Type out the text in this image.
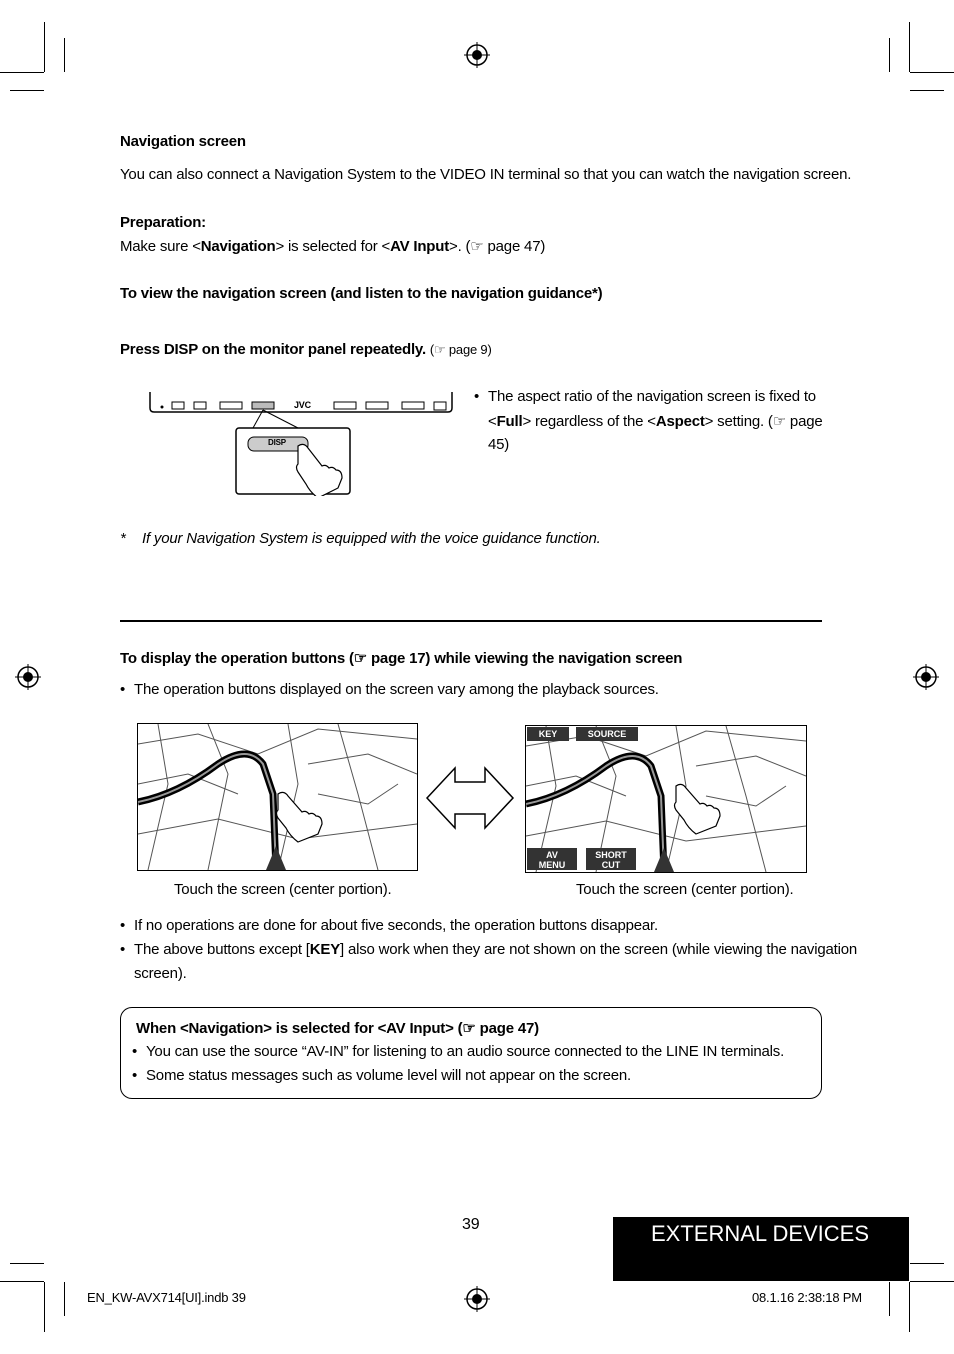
Navigation screen
You can also connect a Navigation System to the VIDEO IN terminal so that you can watch the navigation screen.
Preparation:
Make sure <Navigation> is selected for <AV Input>. (☞ page 47)
To view the navigation screen (and listen to the navigation guidance*)
Press DISP on the monitor panel repeatedly. (☞ page 9)
DISP
JVC
•	The aspect ratio of the navigation screen is fixed to
<Full> regardless of the <Aspect> setting. (☞ page
45)
* If your Navigation System is equipped with the voice guidance function.
To display the operation buttons (☞ page 17) while viewing the navigation screen
• The operation buttons displayed on the screen vary among the playback sources.
KEY	SOURCE
AV
MENU
SHORT
CUT
Touch the screen (center portion).	Touch the screen (center portion).
• If no operations are done for about five seconds, the operation buttons disappear.
• The above buttons except [KEY] also work when they are not shown on the screen (while viewing the navigation
screen).
When <Navigation> is selected for <AV Input> (☞ page 47)
• You can use the source “AV-IN” for listening to an audio source connected to the LINE IN terminals.
• Some status messages such as volume level will not appear on the screen.
39	EXTERNAL DEVICES
EN_KW-AVX714[UI].indb 39	08.1.16 2:38:18 PM
